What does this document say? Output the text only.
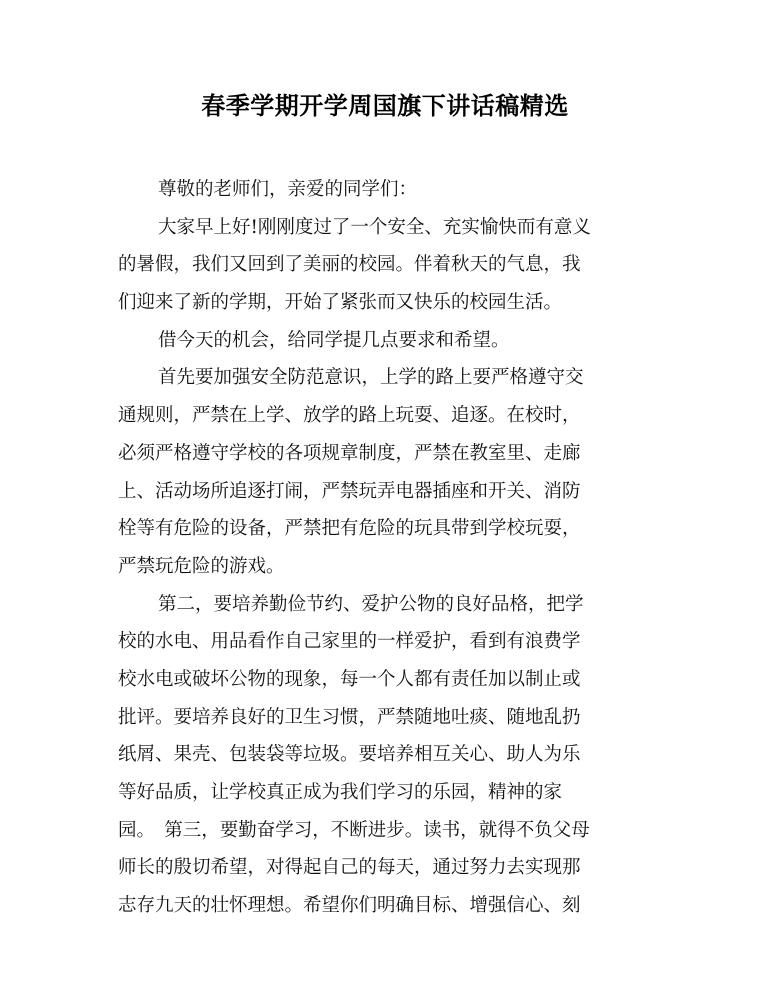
春季学期开学周国旗下讲话稿精选
尊敬的老师们，亲爱的同学们：
大家早上好!刚刚度过了一个安全、充实愉快而有意义
的暑假，我们又回到了美丽的校园。伴着秋天的气息，我
们迎来了新的学期，开始了紧张而又快乐的校园生活。
借今天的机会，给同学提几点要求和希望。
首先要加强安全防范意识，上学的路上要严格遵守交
通规则，严禁在上学、放学的路上玩耍、追逐。在校时，
必须严格遵守学校的各项规章制度，严禁在教室里、走廊
上、活动场所追逐打闹，严禁玩弄电器插座和开关、消防
栓等有危险的设备，严禁把有危险的玩具带到学校玩耍，
严禁玩危险的游戏。
第二，要培养勤俭节约、爱护公物的良好品格，把学
校的水电、用品看作自己家里的一样爱护，看到有浪费学
校水电或破坏公物的现象，每一个人都有责任加以制止或
批评。要培养良好的卫生习惯，严禁随地吐痰、随地乱扔
纸屑、果壳、包装袋等垃圾。要培养相互关心、助人为乐
等好品质，让学校真正成为我们学习的乐园，精神的家
园。　第三，要勤奋学习，不断进步。读书，就得不负父母
师长的殷切希望，对得起自己的每天，通过努力去实现那
志存九天的壮怀理想。希望你们明确目标、增强信心、刻
